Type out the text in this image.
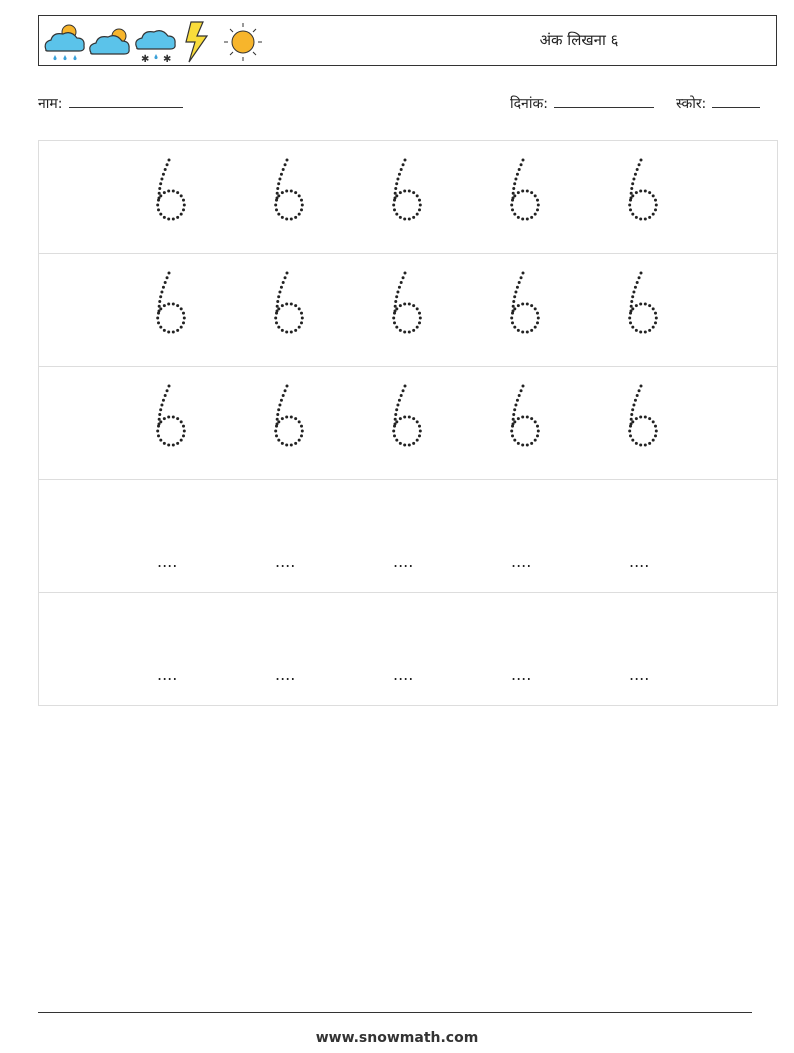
✱ ✱
अंक लिखना ६
नाम:	दिनांक:	स्कोर:
....	....	....	....	....
....	....	....	....	....
www.snowmath.com
